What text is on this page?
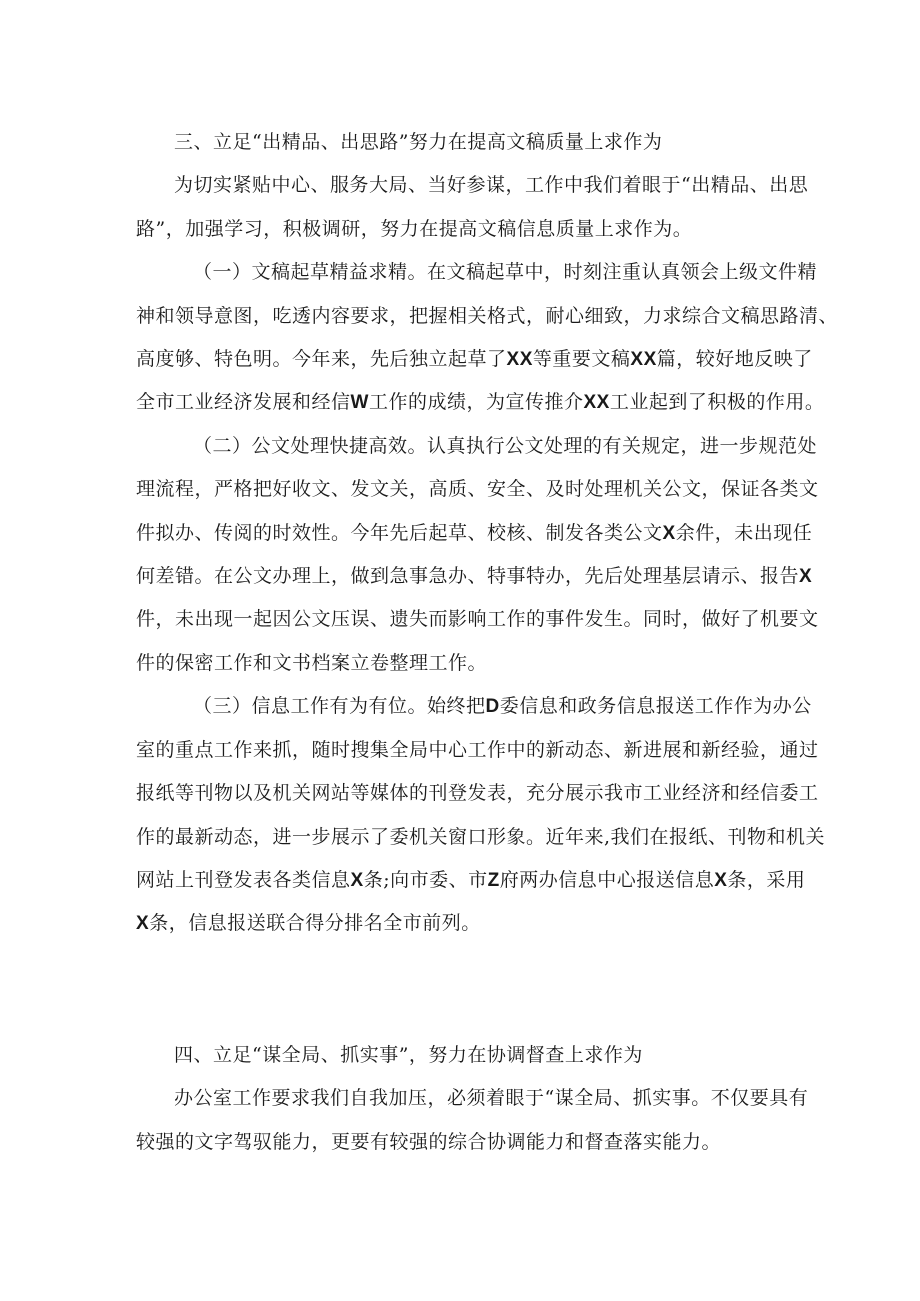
三、立足“出精品、出思路”努力在提高文稿质量上求作为

为切实紧贴中心、服务大局、当好参谋，工作中我们着眼于“出精品、出思
路”，加强学习，积极调研，努力在提高文稿信息质量上求作为。

（一）文稿起草精益求精。在文稿起草中，时刻注重认真领会上级文件精
神和领导意图，吃透内容要求，把握相关格式，耐心细致，力求综合文稿思路清、
高度够、特色明。今年来，先后独立起草了XX等重要文稿XX篇，较好地反映了
全市工业经济发展和经信W工作的成绩，为宣传推介XX工业起到了积极的作用。

（二）公文处理快捷高效。认真执行公文处理的有关规定，进一步规范处
理流程，严格把好收文、发文关，高质、安全、及时处理机关公文，保证各类文
件拟办、传阅的时效性。今年先后起草、校核、制发各类公文X余件，未出现任
何差错。在公文办理上，做到急事急办、特事特办，先后处理基层请示、报告X
件，未出现一起因公文压误、遗失而影响工作的事件发生。同时，做好了机要文
件的保密工作和文书档案立卷整理工作。

（三）信息工作有为有位。始终把D委信息和政务信息报送工作作为办公
室的重点工作来抓，随时搜集全局中心工作中的新动态、新进展和新经验，通过
报纸等刊物以及机关网站等媒体的刊登发表，充分展示我市工业经济和经信委工
作的最新动态，进一步展示了委机关窗口形象。近年来,我们在报纸、刊物和机关
网站上刊登发表各类信息X条;向市委、市Z府两办信息中心报送信息X条，采用
X条，信息报送联合得分排名全市前列。

四、立足“谋全局、抓实事”，努力在协调督查上求作为

办公室工作要求我们自我加压，必须着眼于“谋全局、抓实事。不仅要具有
较强的文字驾驭能力，更要有较强的综合协调能力和督查落实能力。
